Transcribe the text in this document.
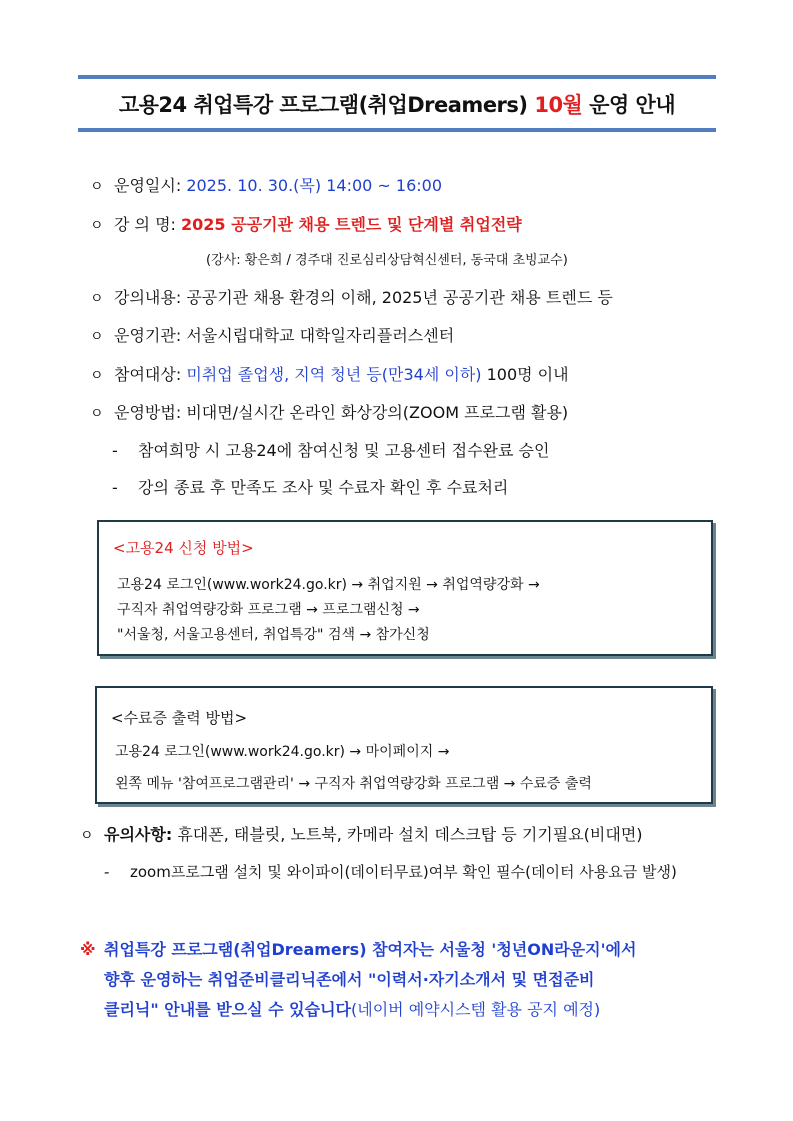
고용24 취업특강 프로그램(취업Dreamers) 10월 운영 안내
ㅇ 운영일시: 2025. 10. 30.(목) 14:00 ~ 16:00
ㅇ 강 의 명: 2025 공공기관 채용 트렌드 및 단계별 취업전략
(강사: 황은희 / 경주대 진로심리상담혁신센터, 동국대 초빙교수)
ㅇ 강의내용: 공공기관 채용 환경의 이해, 2025년 공공기관 채용 트렌드 등
ㅇ 운영기관: 서울시립대학교 대학일자리플러스센터
ㅇ 참여대상: 미취업 졸업생, 지역 청년 등(만34세 이하) 100명 이내
ㅇ 운영방법: 비대면/실시간 온라인 화상강의(ZOOM 프로그램 활용)
- 참여희망 시 고용24에 참여신청 및 고용센터 접수완료 승인
- 강의 종료 후 만족도 조사 및 수료자 확인 후 수료처리
<고용24 신청 방법>
고용24 로그인(www.work24.go.kr) → 취업지원 → 취업역량강화 →
구직자 취업역량강화 프로그램 → 프로그램신청 →
"서울청, 서울고용센터, 취업특강" 검색 → 참가신청
<수료증 출력 방법>
고용24 로그인(www.work24.go.kr) → 마이페이지 →
왼쪽 메뉴 '참여프로그램관리' → 구직자 취업역량강화 프로그램 → 수료증 출력
ㅇ 유의사항: 휴대폰, 태블릿, 노트북, 카메라 설치 데스크탑 등 기기필요(비대면)
- zoom프로그램 설치 및 와이파이(데이터무료)여부 확인 필수(데이터 사용요금 발생)
※ 취업특강 프로그램(취업Dreamers) 참여자는 서울청 '청년ON라운지'에서
향후 운영하는 취업준비클리닉존에서 "이력서·자기소개서 및 면접준비
클리닉" 안내를 받으실 수 있습니다(네이버 예약시스템 활용 공지 예정)
